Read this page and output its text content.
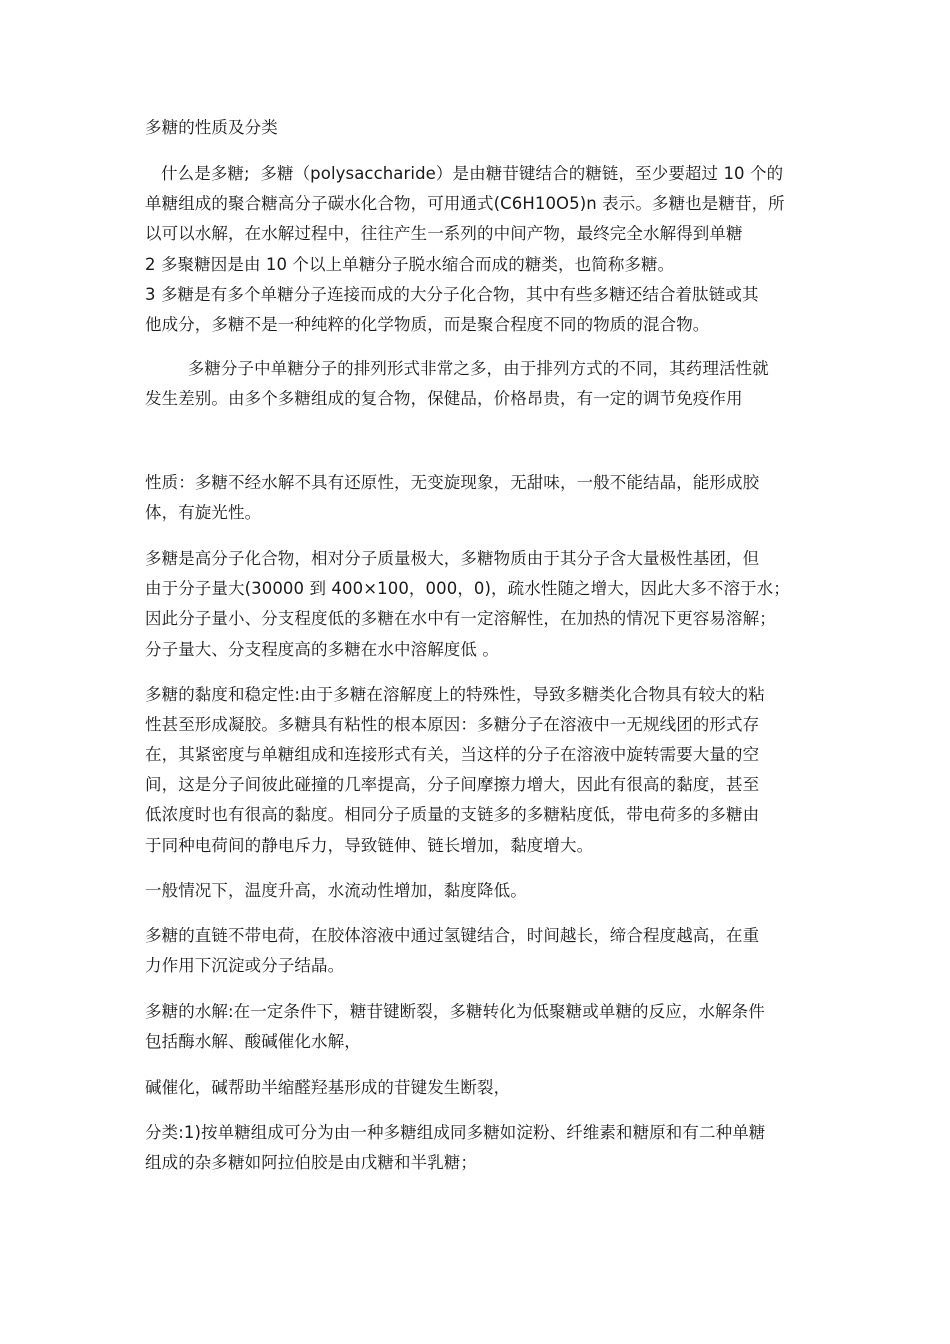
多糖的性质及分类
什么是多糖;  多糖（polysaccharide）是由糖苷键结合的糖链，至少要超过 10 个的
单糖组成的聚合糖高分子碳水化合物，可用通式(C6H10O5)n 表示。多糖也是糖苷，所
以可以水解，在水解过程中，往往产生一系列的中间产物，最终完全水解得到单糖
2 多聚糖因是由 10 个以上单糖分子脱水缩合而成的糖类，也简称多糖。
3 多糖是有多个单糖分子连接而成的大分子化合物，其中有些多糖还结合着肽链或其
他成分，多糖不是一种纯粹的化学物质，而是聚合程度不同的物质的混合物。
多糖分子中单糖分子的排列形式非常之多，由于排列方式的不同，其药理活性就
发生差别。由多个多糖组成的复合物，保健品，价格昂贵，有一定的调节免疫作用
性质：多糖不经水解不具有还原性，无变旋现象，无甜味，一般不能结晶，能形成胶
体，有旋光性。
多糖是高分子化合物，相对分子质量极大，多糖物质由于其分子含大量极性基团，但
由于分子量大(30000 到 400×100，000，0)，疏水性随之增大，因此大多不溶于水；
因此分子量小、分支程度低的多糖在水中有一定溶解性，在加热的情况下更容易溶解；
分子量大、分支程度高的多糖在水中溶解度低 。
多糖的黏度和稳定性:由于多糖在溶解度上的特殊性，导致多糖类化合物具有较大的粘
性甚至形成凝胶。多糖具有粘性的根本原因：多糖分子在溶液中一无规线团的形式存
在，其紧密度与单糖组成和连接形式有关，当这样的分子在溶液中旋转需要大量的空
间，这是分子间彼此碰撞的几率提高，分子间摩擦力增大，因此有很高的黏度，甚至
低浓度时也有很高的黏度。相同分子质量的支链多的多糖粘度低，带电荷多的多糖由
于同种电荷间的静电斥力，导致链伸、链长增加，黏度增大。
一般情况下，温度升高，水流动性增加，黏度降低。
多糖的直链不带电荷，在胶体溶液中通过氢键结合，时间越长，缔合程度越高，在重
力作用下沉淀或分子结晶。
多糖的水解:在一定条件下，糖苷键断裂，多糖转化为低聚糖或单糖的反应，水解条件
包括酶水解、酸碱催化水解，
碱催化，碱帮助半缩醛羟基形成的苷键发生断裂，
分类:1)按单糖组成可分为由一种多糖组成同多糖如淀粉、纤维素和糖原和有二种单糖
组成的杂多糖如阿拉伯胶是由戊糖和半乳糖；
